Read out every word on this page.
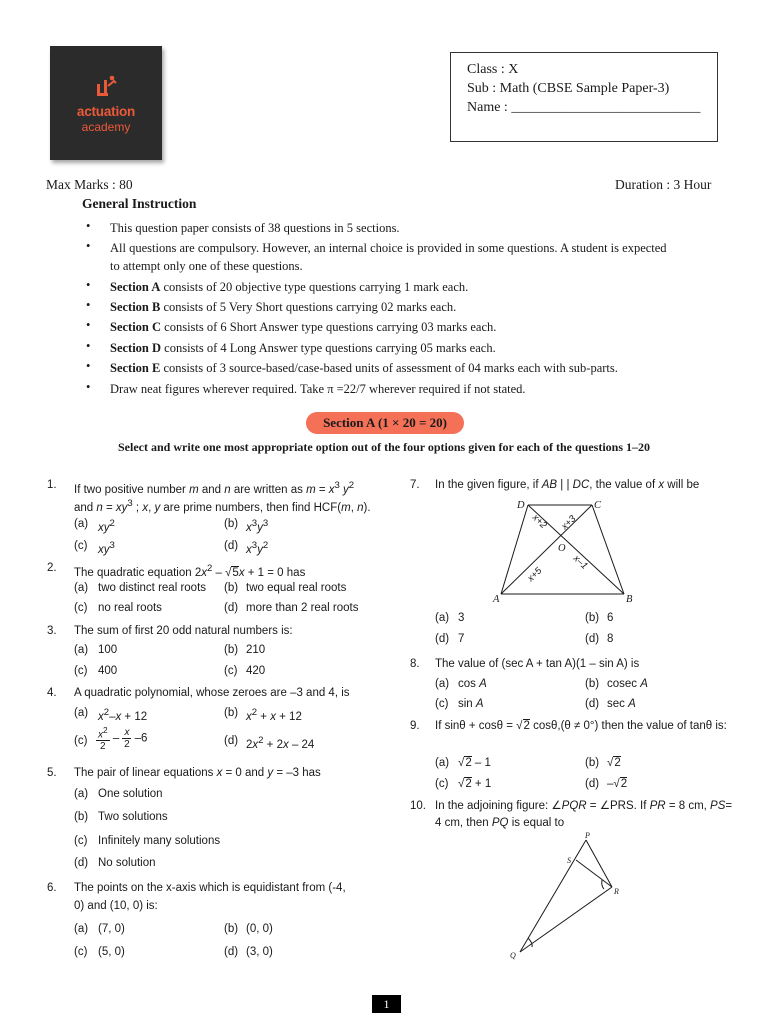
actuation
academy
Class : X
Sub : Math (CBSE Sample Paper-3)
Name : ___________________________
Max Marks : 80	Duration : 3 Hour
General Instruction
• This question paper consists of 38 questions in 5 sections.
• All questions are compulsory. However, an internal choice is provided in some questions. A student is expected
to attempt only one of these questions.
• Section A consists of 20 objective type questions carrying 1 mark each.
• Section B consists of 5 Very Short questions carrying 02 marks each.
• Section C consists of 6 Short Answer type questions carrying 03 marks each.
• Section D consists of 4 Long Answer type questions carrying 05 marks each.
• Section E consists of 3 source-based/case-based units of assessment of 04 marks each with sub-parts.
• Draw neat figures wherever required. Take π =22/7 wherever required if not stated.
Section A (1 × 20 = 20)
Select and write one most appropriate option out of the four options given for each of the questions 1–20
1. If two positive number m and n are written as $m = x^3$ $y^2$
and $n = xy^3$ ; x, y are prime numbers, then find HCF(m, n).
(a) $xy^2$	(b) $x^3y^3$
(c) $xy^3$	(d) $x^3y^2$
2. The quadratic equation $2x^2 - √5x + 1 = 0$ has
(a) two distinct real roots (b) two equal real roots
(c) no real roots	(d) more than 2 real roots
3. The sum of first 20 odd natural numbers is:
(a) 100	(b) 210
(c) 400	(c) 420
4. A quadratic polynomial, whose zeroes are –3 and 4, is
(a) $x^2-x + 12$	(b) $x^2 + x + 12$
$(c) \frac{x^2}{2} - \frac{x}{2} -6$	(d) $2x^2 + 2x - 24$
5. The pair of linear equations x = 0 and y = –3 has
(a) One solution
(b) Two solutions
(c) Infinitely many solutions
(d) No solution
6. The points on the x-axis which is equidistant from (-4,
0) and (10, 0) is:
(a) (7, 0)	(b) (0, 0)
(c) (5, 0)	(d) (3, 0)
7. In the given figure, if AB | | DC, the value of x will be
D	C
A	B
O
x+2 x+3
x+5
x–1
(a) 3	(b) 6
(d) 7	(d) 8
8. The value of (sec A + tan A)(1 – sin A) is
(a) cos A	(b) cosec A
(c) sin A	(d) sec A
9. If sinθ + cosθ = √2 cosθ,(θ ≠ 0°) then the value of tanθ is:
(a) √2 – 1	(b) √2
(c) √2 + 1	(d) –√2
10. In the adjoining figure: ∠PQR = ∠PRS. If PR = 8 cm, PS= 4 cm, then PQ is equal to
P
S
R
Q
1
